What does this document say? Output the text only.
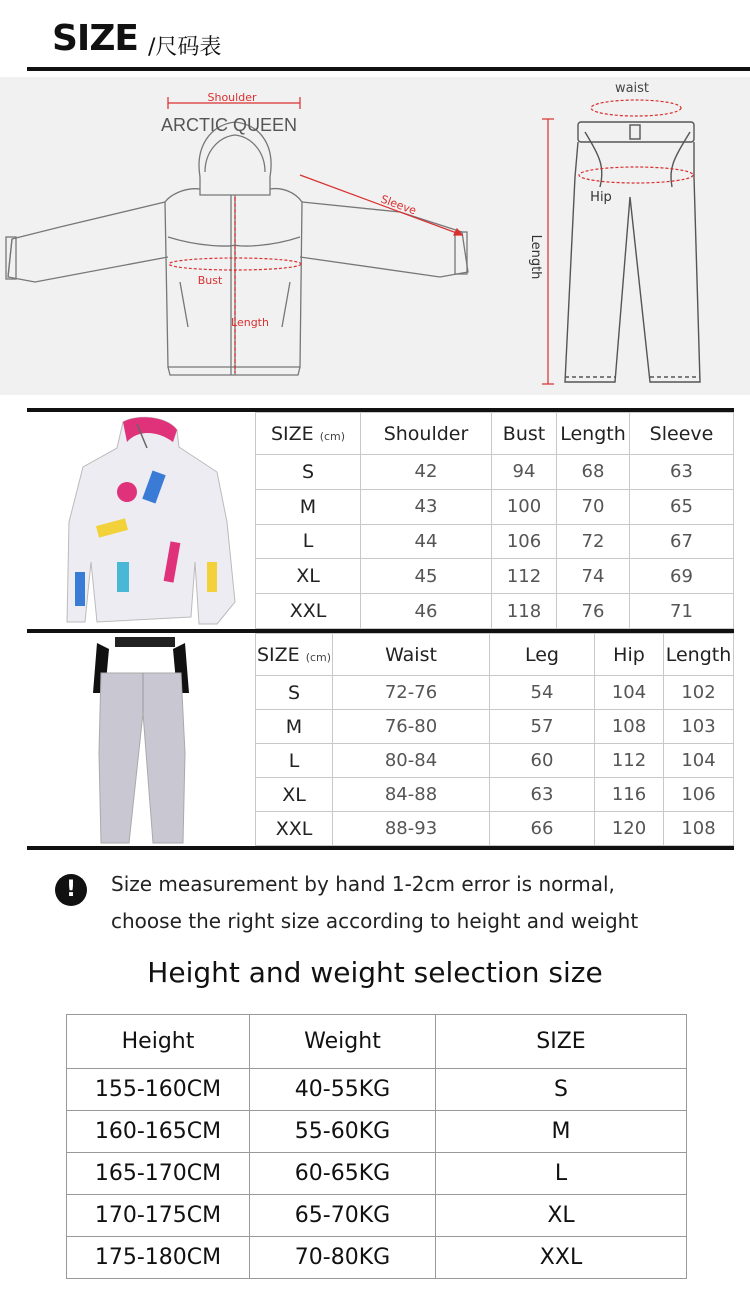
SIZE /尺码表
Shoulder
ARCTIC QUEEN
Sleeve
Bust
Length
waist
Hip
Length
SIZE (cm)	Shoulder	Bust	Length	Sleeve
S	42	94	68	63
M	43	100	70	65
L	44	106	72	67
XL	45	112	74	69
XXL	46	118	76	71
SIZE (cm)	Waist	Leg	Hip	Length
S	72-76	54	104	102
M	76-80	57	108	103
L	80-84	60	112	104
XL	84-88	63	116	106
XXL	88-93	66	120	108
!	Size measurement by hand 1-2cm error is normal,
choose the right size according to height and weight
Height and weight selection size
Height	Weight	SIZE
155-160CM	40-55KG	S
160-165CM	55-60KG	M
165-170CM	60-65KG	L
170-175CM	65-70KG	XL
175-180CM	70-80KG	XXL
